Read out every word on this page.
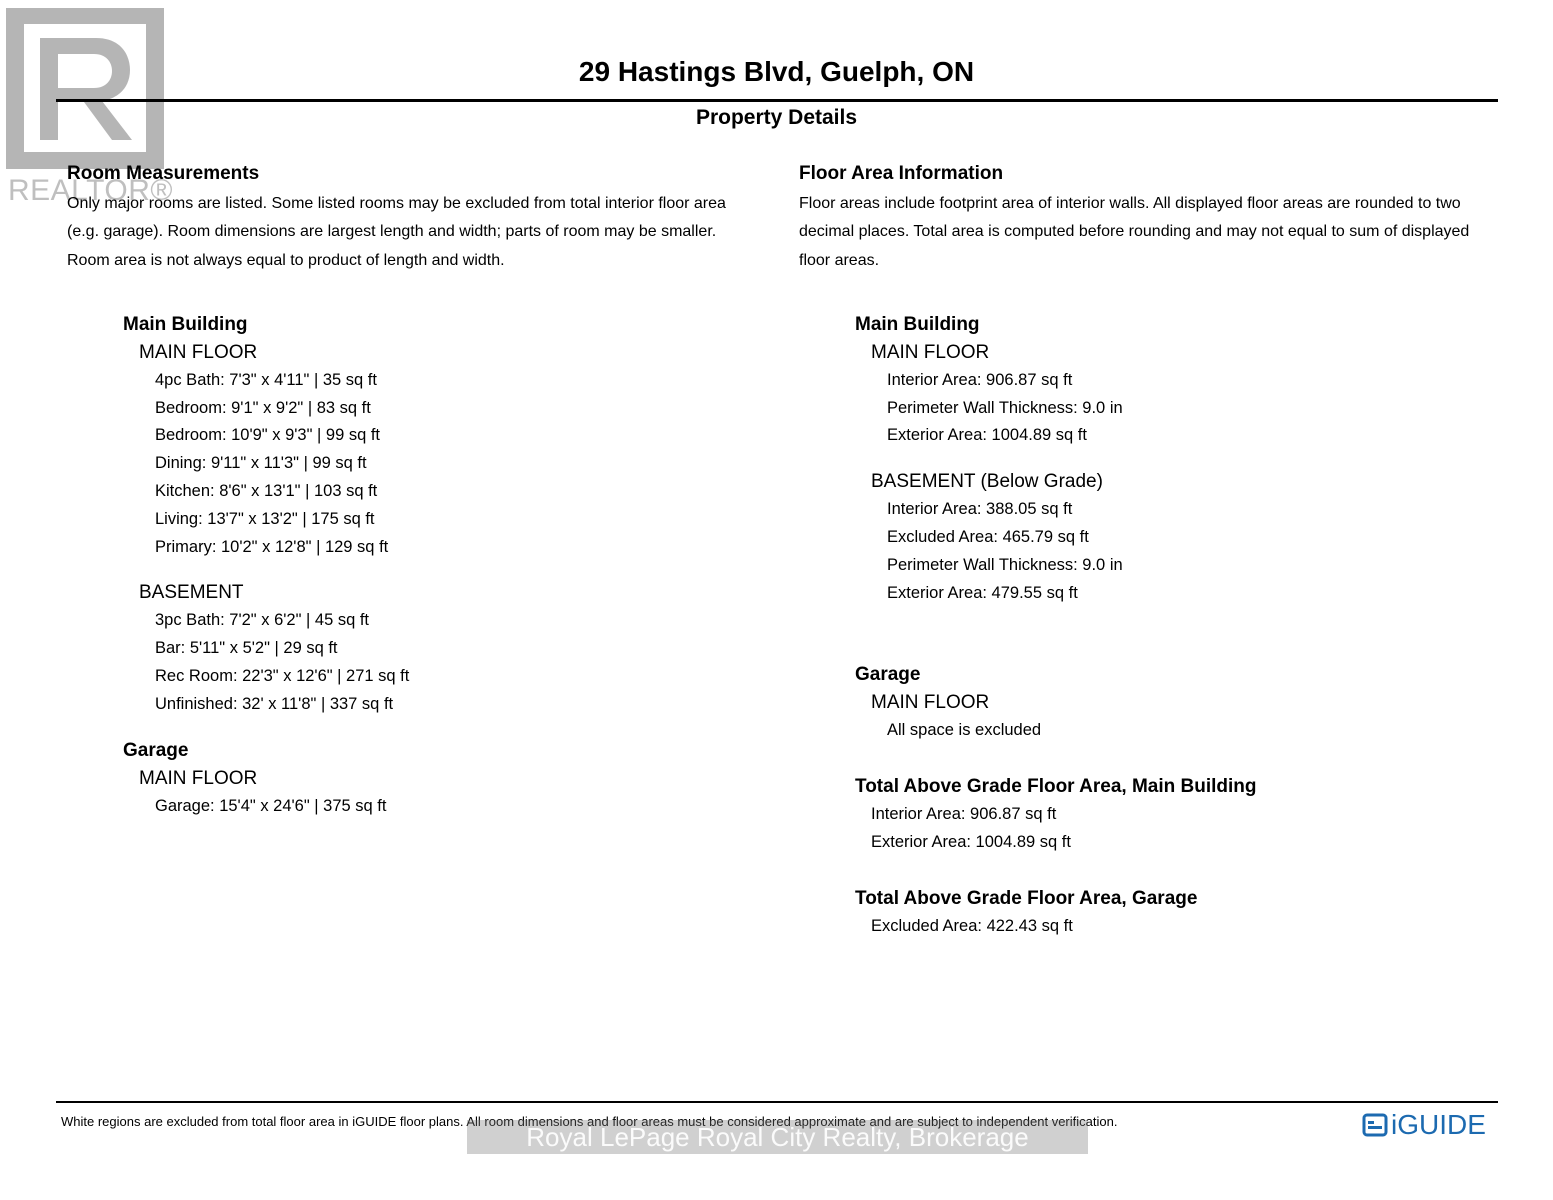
REALTOR®
29 Hastings Blvd, Guelph, ON
Property Details
Room Measurements
Only major rooms are listed. Some listed rooms may be excluded from total interior floor area
(e.g. garage). Room dimensions are largest length and width; parts of room may be smaller.
Room area is not always equal to product of length and width.
Main Building
MAIN FLOOR
4pc Bath: 7'3" x 4'11" | 35 sq ft
Bedroom: 9'1" x 9'2" | 83 sq ft
Bedroom: 10'9" x 9'3" | 99 sq ft
Dining: 9'11" x 11'3" | 99 sq ft
Kitchen: 8'6" x 13'1" | 103 sq ft
Living: 13'7" x 13'2" | 175 sq ft
Primary: 10'2" x 12'8" | 129 sq ft
BASEMENT
3pc Bath: 7'2" x 6'2" | 45 sq ft
Bar: 5'11" x 5'2" | 29 sq ft
Rec Room: 22'3" x 12'6" | 271 sq ft
Unfinished: 32' x 11'8" | 337 sq ft
Garage
MAIN FLOOR
Garage: 15'4" x 24'6" | 375 sq ft
Floor Area Information
Floor areas include footprint area of interior walls. All displayed floor areas are rounded to two
decimal places. Total area is computed before rounding and may not equal to sum of displayed
floor areas.
Main Building
MAIN FLOOR
Interior Area: 906.87 sq ft
Perimeter Wall Thickness: 9.0 in
Exterior Area: 1004.89 sq ft
BASEMENT (Below Grade)
Interior Area: 388.05 sq ft
Excluded Area: 465.79 sq ft
Perimeter Wall Thickness: 9.0 in
Exterior Area: 479.55 sq ft
Garage
MAIN FLOOR
All space is excluded
Total Above Grade Floor Area, Main Building
Interior Area: 906.87 sq ft
Exterior Area: 1004.89 sq ft
Total Above Grade Floor Area, Garage
Excluded Area: 422.43 sq ft
White regions are excluded from total floor area in iGUIDE floor plans. All room dimensions and floor areas must be considered approximate and are subject to independent verification.	iGUIDE
Royal LePage Royal City Realty, Brokerage
